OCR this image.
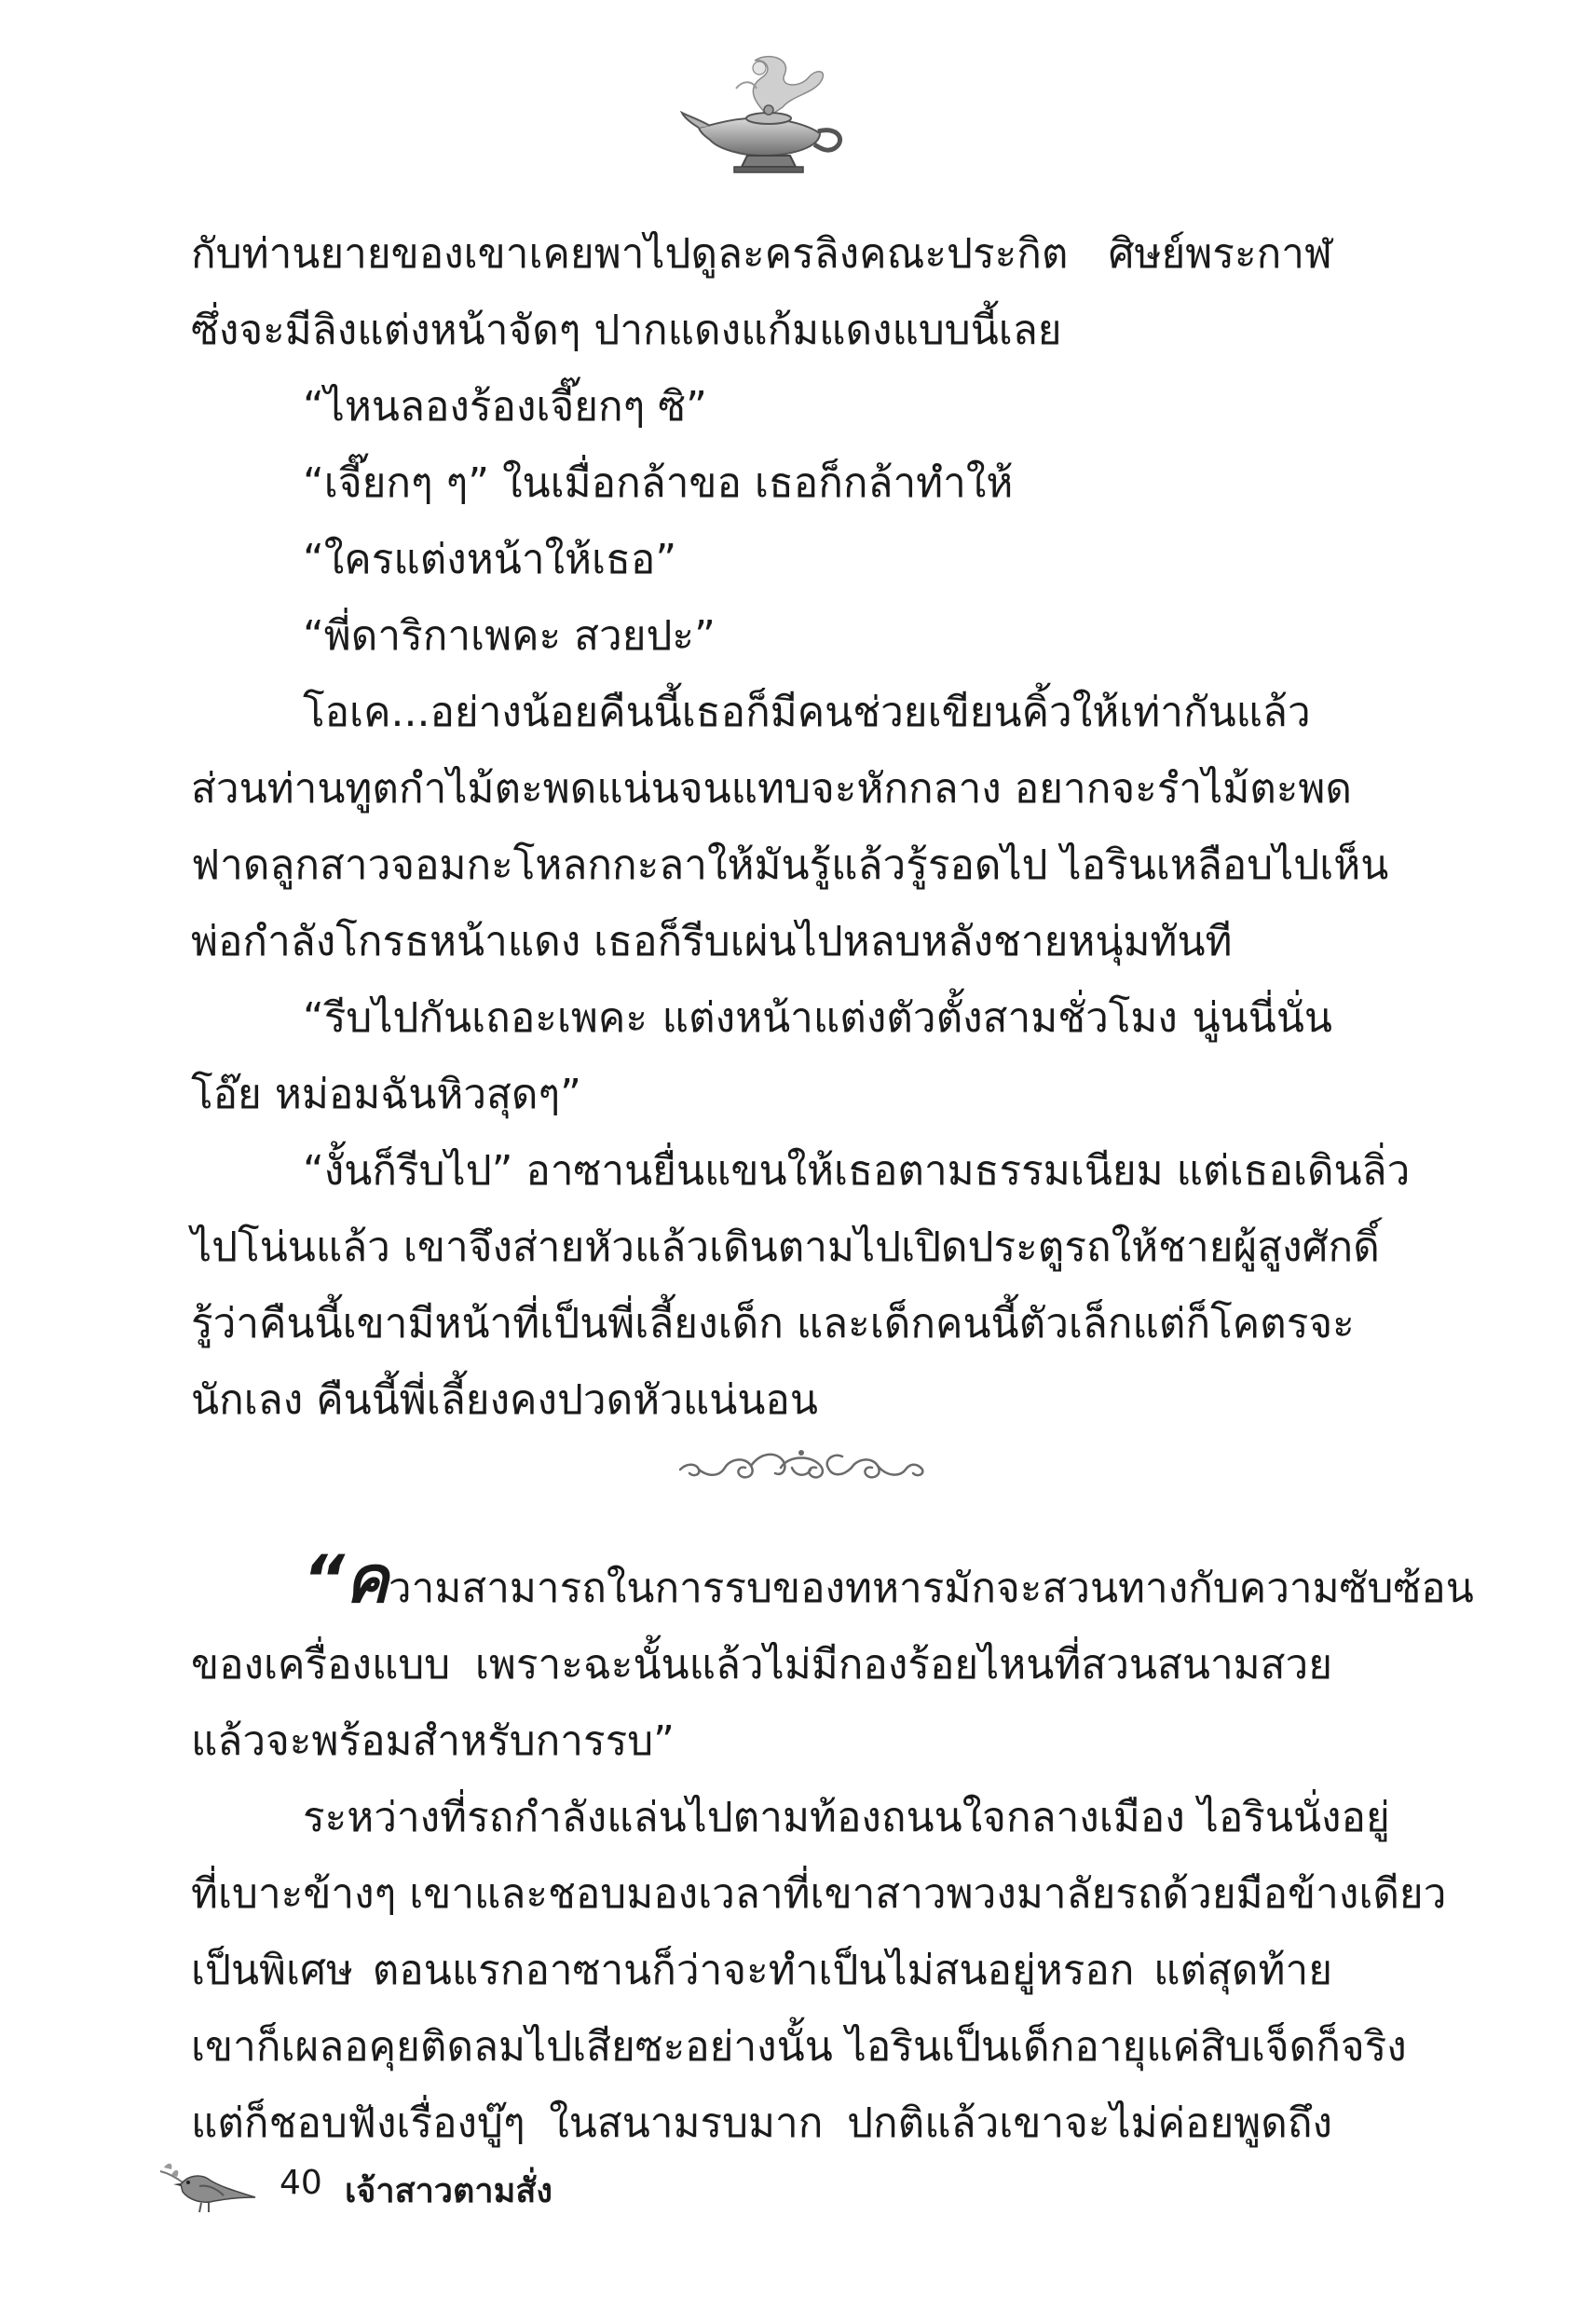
กับท่านยายของเขาเคยพาไปดูละครลิงคณะประกิต ศิษย์พระกาฬ
ซึ่งจะมีลิงแต่งหน้าจัดๆ ปากแดงแก้มแดงแบบนี้เลย
“ไหนลองร้องเจี๊ยกๆ ซิ”
“เจี๊ยกๆ ๆ” ในเมื่อกล้าขอ เธอก็กล้าทำให้
“ใครแต่งหน้าให้เธอ”
“พี่ดาริกาเพคะ สวยปะ”
โอเค...อย่างน้อยคืนนี้เธอก็มีคนช่วยเขียนคิ้วให้เท่ากันแล้ว
ส่วนท่านทูตกำไม้ตะพดแน่นจนแทบจะหักกลาง อยากจะรำไม้ตะพด
ฟาดลูกสาวจอมกะโหลกกะลาให้มันรู้แล้วรู้รอดไป ไอรินเหลือบไปเห็น
พ่อกำลังโกรธหน้าแดง เธอก็รีบเผ่นไปหลบหลังชายหนุ่มทันที
“รีบไปกันเถอะเพคะ แต่งหน้าแต่งตัวตั้งสามชั่วโมง นู่นนี่นั่น
โอ๊ย หม่อมฉันหิวสุดๆ”
“งั้นก็รีบไป” อาซานยื่นแขนให้เธอตามธรรมเนียม แต่เธอเดินลิ่ว
ไปโน่นแล้ว เขาจึงส่ายหัวแล้วเดินตามไปเปิดประตูรถให้ชายผู้สูงศักดิ์
รู้ว่าคืนนี้เขามีหน้าที่เป็นพี่เลี้ยงเด็ก และเด็กคนนี้ตัวเล็กแต่ก็โคตรจะ
นักเลง คืนนี้พี่เลี้ยงคงปวดหัวแน่นอน
“ความสามารถในการรบของทหารมักจะสวนทางกับความซับซ้อน
ของเครื่องแบบ เพราะฉะนั้นแล้วไม่มีกองร้อยไหนที่สวนสนามสวย
แล้วจะพร้อมสำหรับการรบ”
ระหว่างที่รถกำลังแล่นไปตามท้องถนนใจกลางเมือง ไอรินนั่งอยู่
ที่เบาะข้างๆ เขาและชอบมองเวลาที่เขาสาวพวงมาลัยรถด้วยมือข้างเดียว
เป็นพิเศษ ตอนแรกอาซานก็ว่าจะทำเป็นไม่สนอยู่หรอก แต่สุดท้าย
เขาก็เผลอคุยติดลมไปเสียซะอย่างนั้น ไอรินเป็นเด็กอายุแค่สิบเจ็ดก็จริง
แต่ก็ชอบฟังเรื่องบู๊ๆ ในสนามรบมาก ปกติแล้วเขาจะไม่ค่อยพูดถึง
40 เจ้าสาวตามสั่ง
